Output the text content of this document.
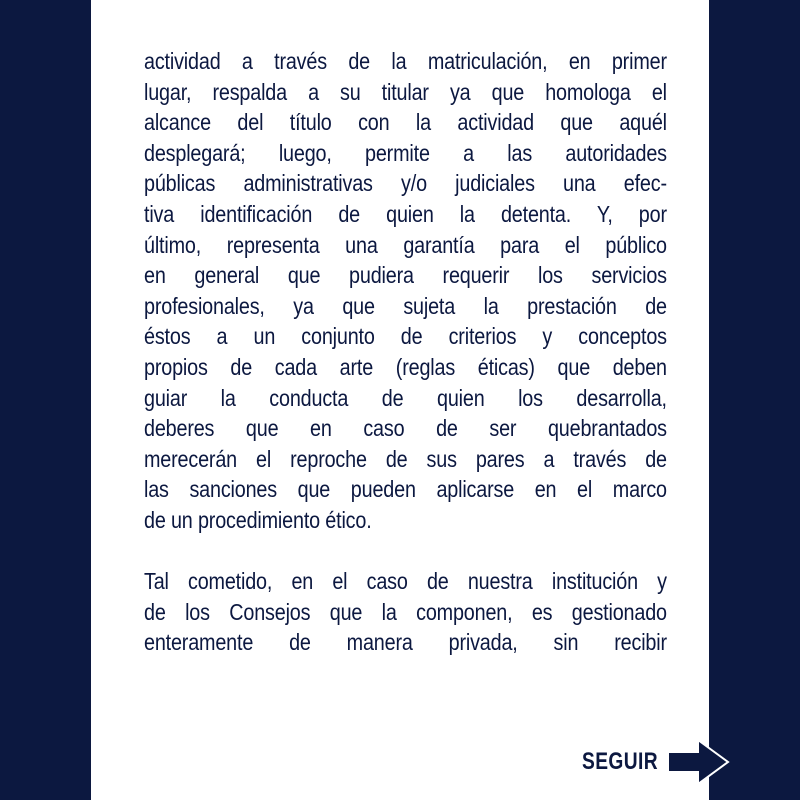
actividad a través de la matriculación, en primer
lugar, respalda a su titular ya que homologa el
alcance del título con la actividad que aquél
desplegará; luego, permite a las autoridades
públicas administrativas y/o judiciales una efec-
tiva identificación de quien la detenta. Y, por
último, representa una garantía para el público
en general que pudiera requerir los servicios
profesionales, ya que sujeta la prestación de
éstos a un conjunto de criterios y conceptos
propios de cada arte (reglas éticas) que deben
guiar la conducta de quien los desarrolla,
deberes que en caso de ser quebrantados
merecerán el reproche de sus pares a través de
las sanciones que pueden aplicarse en el marco
de un procedimiento ético.
Tal cometido, en el caso de nuestra institución y
de los Consejos que la componen, es gestionado
enteramente de manera privada, sin recibir
SEGUIR
